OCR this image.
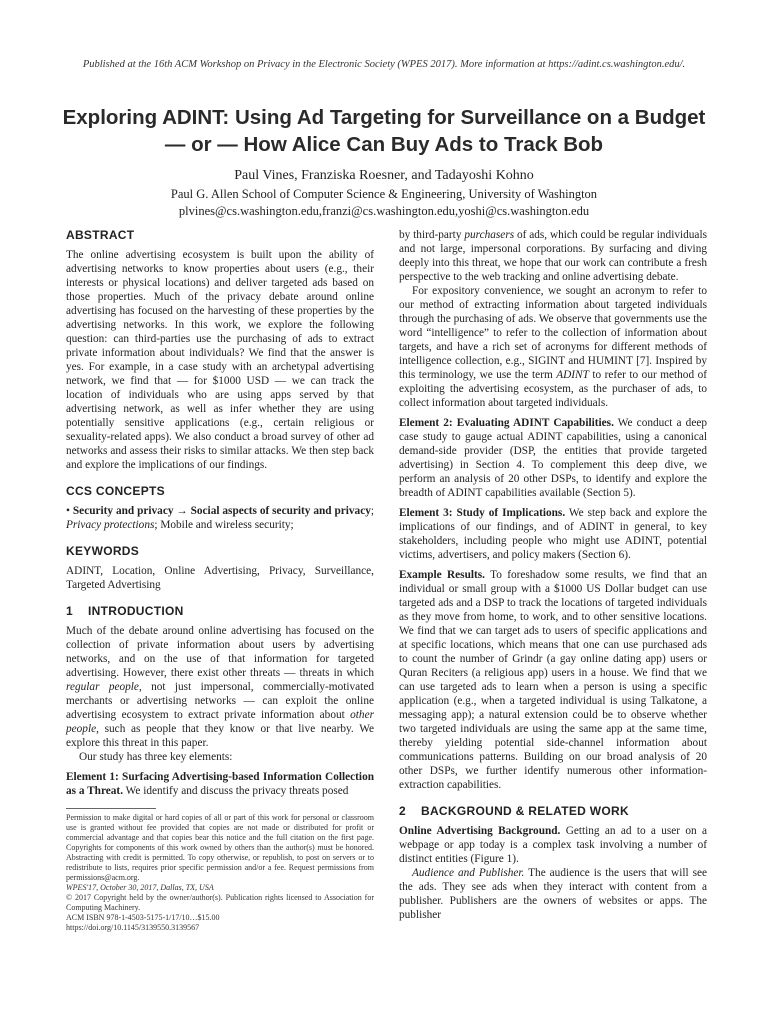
Published at the 16th ACM Workshop on Privacy in the Electronic Society (WPES 2017). More information at https://adint.cs.washington.edu/.
Exploring ADINT: Using Ad Targeting for Surveillance on a Budget — or — How Alice Can Buy Ads to Track Bob
Paul Vines, Franziska Roesner, and Tadayoshi Kohno
Paul G. Allen School of Computer Science & Engineering, University of Washington
plvines@cs.washington.edu,franzi@cs.washington.edu,yoshi@cs.washington.edu
ABSTRACT

The online advertising ecosystem is built upon the ability of advertising networks to know properties about users (e.g., their interests or physical locations) and deliver targeted ads based on those properties. Much of the privacy debate around online advertising has focused on the harvesting of these properties by the advertising networks. In this work, we explore the following question: can third-parties use the purchasing of ads to extract private information about individuals? We find that the answer is yes. For example, in a case study with an archetypal advertising network, we find that — for $1000 USD — we can track the location of individuals who are using apps served by that advertising network, as well as infer whether they are using potentially sensitive applications (e.g., certain religious or sexuality-related apps). We also conduct a broad survey of other ad networks and assess their risks to similar attacks. We then step back and explore the implications of our findings.

CCS CONCEPTS

• Security and privacy → Social aspects of security and privacy; Privacy protections; Mobile and wireless security;

KEYWORDS

ADINT, Location, Online Advertising, Privacy, Surveillance, Targeted Advertising

1 INTRODUCTION

Much of the debate around online advertising has focused on the collection of private information about users by advertising networks, and on the use of that information for targeted advertising. However, there exist other threats — threats in which regular people, not just impersonal, commercially-motivated merchants or advertising networks — can exploit the online advertising ecosystem to extract private information about other people, such as people that they know or that live nearby. We explore this threat in this paper.

Our study has three key elements:

Element 1: Surfacing Advertising-based Information Collection as a Threat. We identify and discuss the privacy threats posed

Permission to make digital or hard copies of all or part of this work for personal or classroom use is granted without fee provided that copies are not made or distributed for profit or commercial advantage and that copies bear this notice and the full citation on the first page. Copyrights for components of this work owned by others than the author(s) must be honored. Abstracting with credit is permitted. To copy otherwise, or republish, to post on servers or to redistribute to lists, requires prior specific permission and/or a fee. Request permissions from permissions@acm.org.
WPES'17, October 30, 2017, Dallas, TX, USA
© 2017 Copyright held by the owner/author(s). Publication rights licensed to Association for Computing Machinery.
ACM ISBN 978-1-4503-5175-1/17/10…$15.00
https://doi.org/10.1145/3139550.3139567

by third-party purchasers of ads, which could be regular individuals and not large, impersonal corporations. By surfacing and diving deeply into this threat, we hope that our work can contribute a fresh perspective to the web tracking and online advertising debate.

For expository convenience, we sought an acronym to refer to our method of extracting information about targeted individuals through the purchasing of ads. We observe that governments use the word “intelligence” to refer to the collection of information about targets, and have a rich set of acronyms for different methods of intelligence collection, e.g., SIGINT and HUMINT [7]. Inspired by this terminology, we use the term ADINT to refer to our method of exploiting the advertising ecosystem, as the purchaser of ads, to collect information about targeted individuals.

Element 2: Evaluating ADINT Capabilities. We conduct a deep case study to gauge actual ADINT capabilities, using a canonical demand-side provider (DSP, the entities that provide targeted advertising) in Section 4. To complement this deep dive, we perform an analysis of 20 other DSPs, to identify and explore the breadth of ADINT capabilities available (Section 5).

Element 3: Study of Implications. We step back and explore the implications of our findings, and of ADINT in general, to key stakeholders, including people who might use ADINT, potential victims, advertisers, and policy makers (Section 6).

Example Results. To foreshadow some results, we find that an individual or small group with a $1000 US Dollar budget can use targeted ads and a DSP to track the locations of targeted individuals as they move from home, to work, and to other sensitive locations. We find that we can target ads to users of specific applications and at specific locations, which means that one can use purchased ads to count the number of Grindr (a gay online dating app) users or Quran Reciters (a religious app) users in a house. We find that we can use targeted ads to learn when a person is using a specific application (e.g., when a targeted individual is using Talkatone, a messaging app); a natural extension could be to observe whether two targeted individuals are using the same app at the same time, thereby yielding potential side-channel information about communications patterns. Building on our broad analysis of 20 other DSPs, we further identify numerous other information-extraction capabilities.

2 BACKGROUND & RELATED WORK

Online Advertising Background. Getting an ad to a user on a webpage or app today is a complex task involving a number of distinct entities (Figure 1).

Audience and Publisher. The audience is the users that will see the ads. They see ads when they interact with content from a publisher. Publishers are the owners of websites or apps. The publisher
